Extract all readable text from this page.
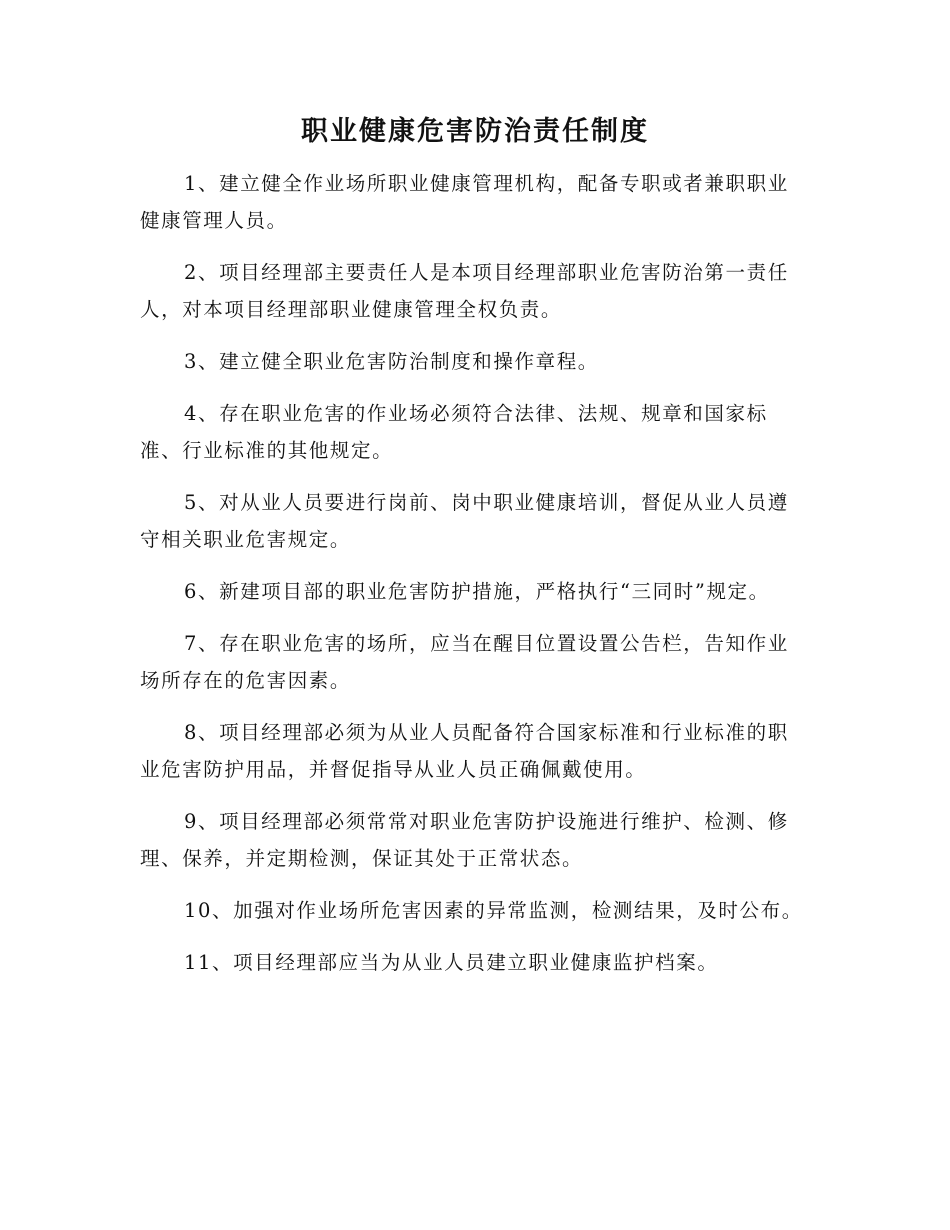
职业健康危害防治责任制度

1、建立健全作业场所职业健康管理机构，配备专职或者兼职职业健康管理人员。

2、项目经理部主要责任人是本项目经理部职业危害防治第一责任人，对本项目经理部职业健康管理全权负责。

3、建立健全职业危害防治制度和操作章程。

4、存在职业危害的作业场必须符合法律、法规、规章和国家标准、行业标准的其他规定。

5、对从业人员要进行岗前、岗中职业健康培训，督促从业人员遵守相关职业危害规定。

6、新建项目部的职业危害防护措施，严格执行“三同时”规定。

7、存在职业危害的场所，应当在醒目位置设置公告栏，告知作业场所存在的危害因素。

8、项目经理部必须为从业人员配备符合国家标准和行业标准的职业危害防护用品，并督促指导从业人员正确佩戴使用。

9、项目经理部必须常常对职业危害防护设施进行维护、检测、修理、保养，并定期检测，保证其处于正常状态。

10、加强对作业场所危害因素的异常监测，检测结果，及时公布。

11、项目经理部应当为从业人员建立职业健康监护档案。
